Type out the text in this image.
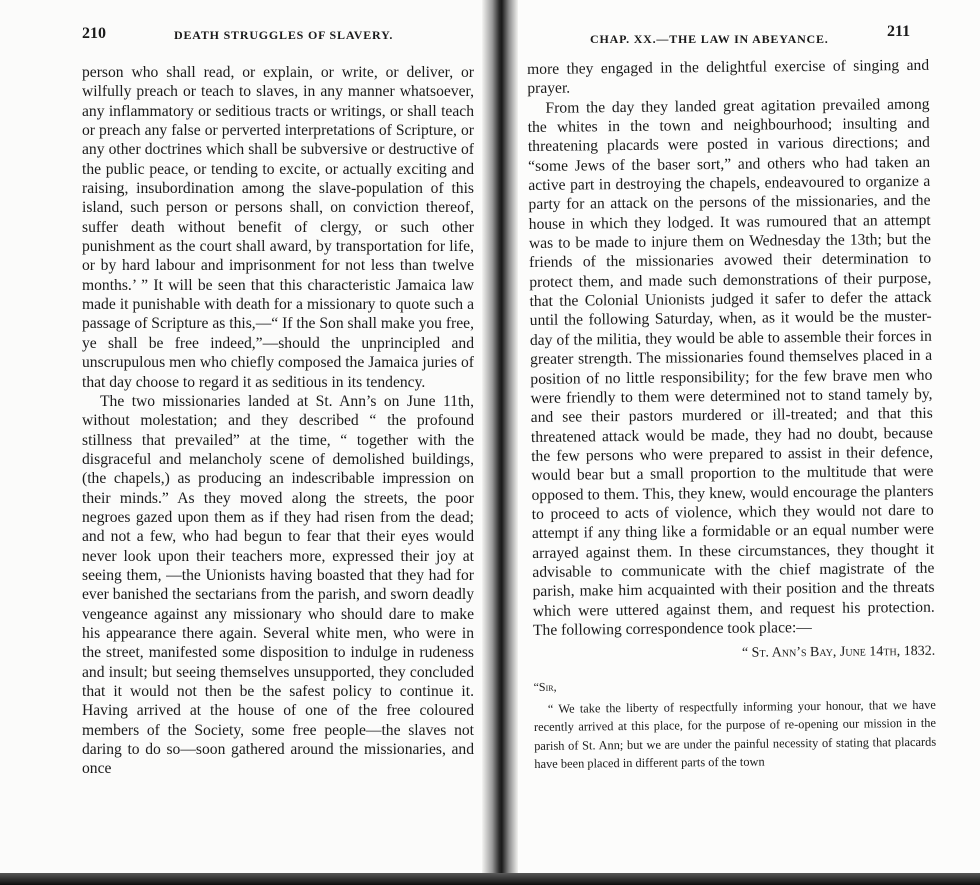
210	DEATH STRUGGLES OF SLAVERY.

person who shall read, or explain, or write, or deliver, or wilfully preach or teach to slaves, in any manner whatsoever, any inflammatory or seditious tracts or writings, or shall teach or preach any false or perverted interpretations of Scripture, or any other doctrines which shall be subversive or destructive of the public peace, or tending to excite, or actually exciting and raising, insubordination among the slave-population of this island, such person or persons shall, on conviction thereof, suffer death without benefit of clergy, or such other punishment as the court shall award, by transportation for life, or by hard labour and imprisonment for not less than twelve months.’ ” It will be seen that this characteristic Jamaica law made it punishable with death for a missionary to quote such a passage of Scripture as this,—“ If the Son shall make you free, ye shall be free indeed,”—should the unprincipled and unscrupulous men who chiefly composed the Jamaica juries of that day choose to regard it as seditious in its tendency.

The two missionaries landed at St. Ann’s on June 11th, without molestation; and they described “ the profound stillness that prevailed” at the time, “ together with the disgraceful and melancholy scene of demolished buildings, (the chapels,) as producing an indescribable impression on their minds.” As they moved along the streets, the poor negroes gazed upon them as if they had risen from the dead; and not a few, who had begun to fear that their eyes would never look upon their teachers more, expressed their joy at seeing them, —the Unionists having boasted that they had for ever banished the sectarians from the parish, and sworn deadly vengeance against any missionary who should dare to make his appearance there again. Several white men, who were in the street, manifested some disposition to indulge in rudeness and insult; but seeing themselves unsupported, they concluded that it would not then be the safest policy to continue it. Having arrived at the house of one of the free coloured members of the Society, some free people—the slaves not daring to do so—soon gathered around the missionaries, and once

211
CHAP. XX.—THE LAW IN ABEYANCE.

more they engaged in the delightful exercise of singing and prayer.

From the day they landed great agitation prevailed among the whites in the town and neighbourhood; insulting and threatening placards were posted in various directions; and “some Jews of the baser sort,” and others who had taken an active part in destroying the chapels, endeavoured to organize a party for an attack on the persons of the missionaries, and the house in which they lodged. It was rumoured that an attempt was to be made to injure them on Wednesday the 13th; but the friends of the missionaries avowed their determination to protect them, and made such demonstrations of their purpose, that the Colonial Unionists judged it safer to defer the attack until the following Saturday, when, as it would be the muster-day of the militia, they would be able to assemble their forces in greater strength. The missionaries found themselves placed in a position of no little responsibility; for the few brave men who were friendly to them were determined not to stand tamely by, and see their pastors murdered or ill-treated; and that this threatened attack would be made, they had no doubt, because the few persons who were prepared to assist in their defence, would bear but a small proportion to the multitude that were opposed to them. This, they knew, would encourage the planters to proceed to acts of violence, which they would not dare to attempt if any thing like a formidable or an equal number were arrayed against them. In these circumstances, they thought it advisable to communicate with the chief magistrate of the parish, make him acquainted with their position and the threats which were uttered against them, and request his protection. The following correspondence took place:—

“ St. Ann’s Bay, June 14th, 1832.

“Sir,

“ We take the liberty of respectfully informing your honour, that we have recently arrived at this place, for the purpose of re-opening our mission in the parish of St. Ann; but we are under the painful necessity of stating that placards have been placed in different parts of the town
